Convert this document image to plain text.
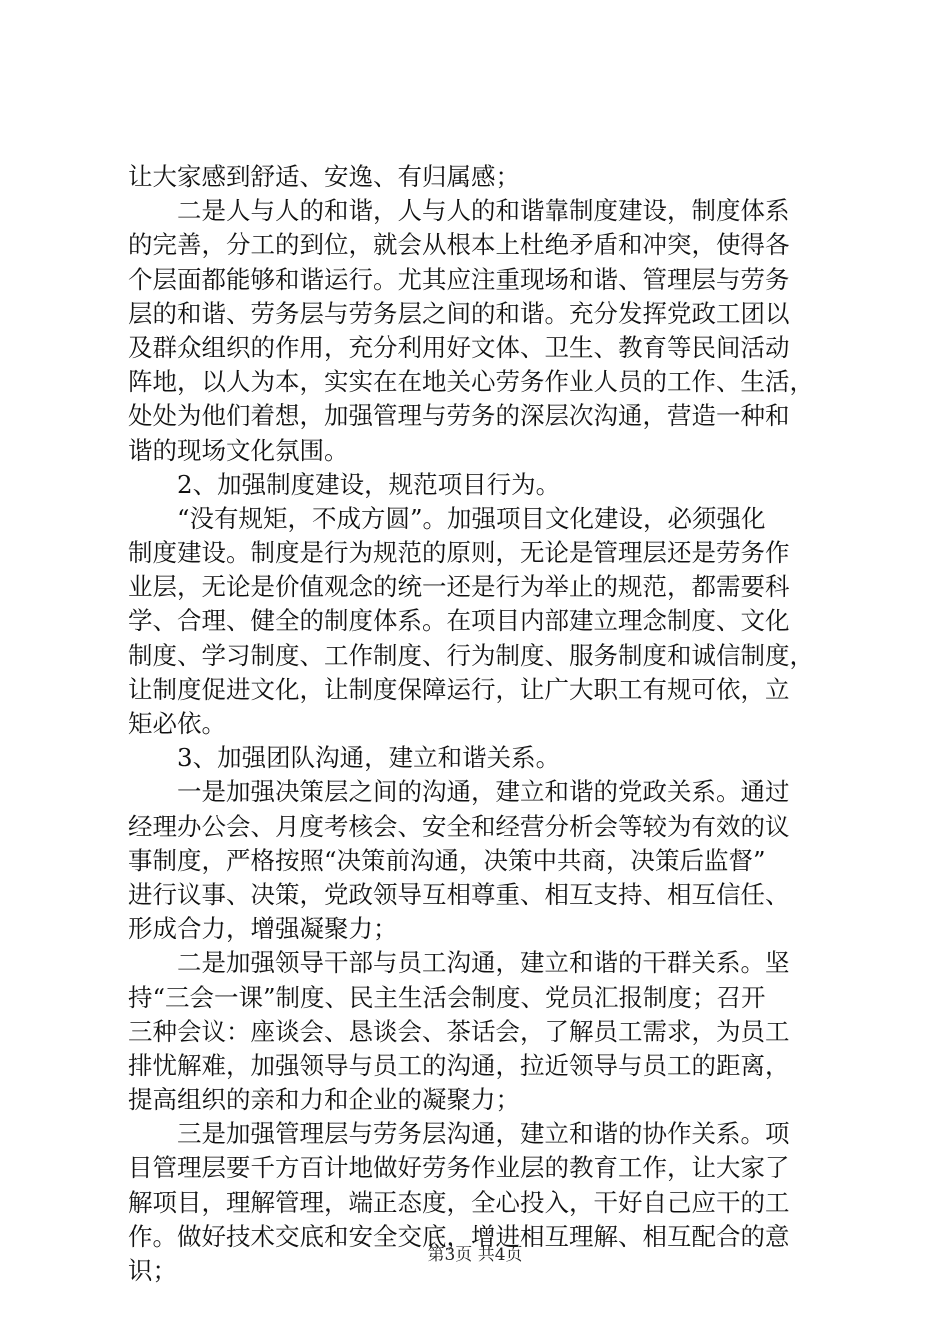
让大家感到舒适、安逸、有归属感；
　　二是人与人的和谐，人与人的和谐靠制度建设，制度体系
的完善，分工的到位，就会从根本上杜绝矛盾和冲突，使得各
个层面都能够和谐运行。尤其应注重现场和谐、管理层与劳务
层的和谐、劳务层与劳务层之间的和谐。充分发挥党政工团以
及群众组织的作用，充分利用好文体、卫生、教育等民间活动
阵地，以人为本，实实在在地关心劳务作业人员的工作、生活，
处处为他们着想，加强管理与劳务的深层次沟通，营造一种和
谐的现场文化氛围。
　　2、加强制度建设，规范项目行为。
　　“没有规矩，不成方圆”。加强项目文化建设，必须强化
制度建设。制度是行为规范的原则，无论是管理层还是劳务作
业层，无论是价值观念的统一还是行为举止的规范，都需要科
学、合理、健全的制度体系。在项目内部建立理念制度、文化
制度、学习制度、工作制度、行为制度、服务制度和诚信制度，
让制度促进文化，让制度保障运行，让广大职工有规可依，立
矩必依。
　　3、加强团队沟通，建立和谐关系。
　　一是加强决策层之间的沟通，建立和谐的党政关系。通过
经理办公会、月度考核会、安全和经营分析会等较为有效的议
事制度，严格按照“决策前沟通，决策中共商，决策后监督”
进行议事、决策，党政领导互相尊重、相互支持、相互信任、
形成合力，增强凝聚力；
　　二是加强领导干部与员工沟通，建立和谐的干群关系。坚
持“三会一课”制度、民主生活会制度、党员汇报制度；召开
三种会议：座谈会、恳谈会、茶话会，了解员工需求，为员工
排忧解难，加强领导与员工的沟通，拉近领导与员工的距离，
提高组织的亲和力和企业的凝聚力；
　　三是加强管理层与劳务层沟通，建立和谐的协作关系。项
目管理层要千方百计地做好劳务作业层的教育工作，让大家了
解项目，理解管理，端正态度，全心投入，干好自己应干的工
作。做好技术交底和安全交底，增进相互理解、相互配合的意
识；
第3页 共4页
